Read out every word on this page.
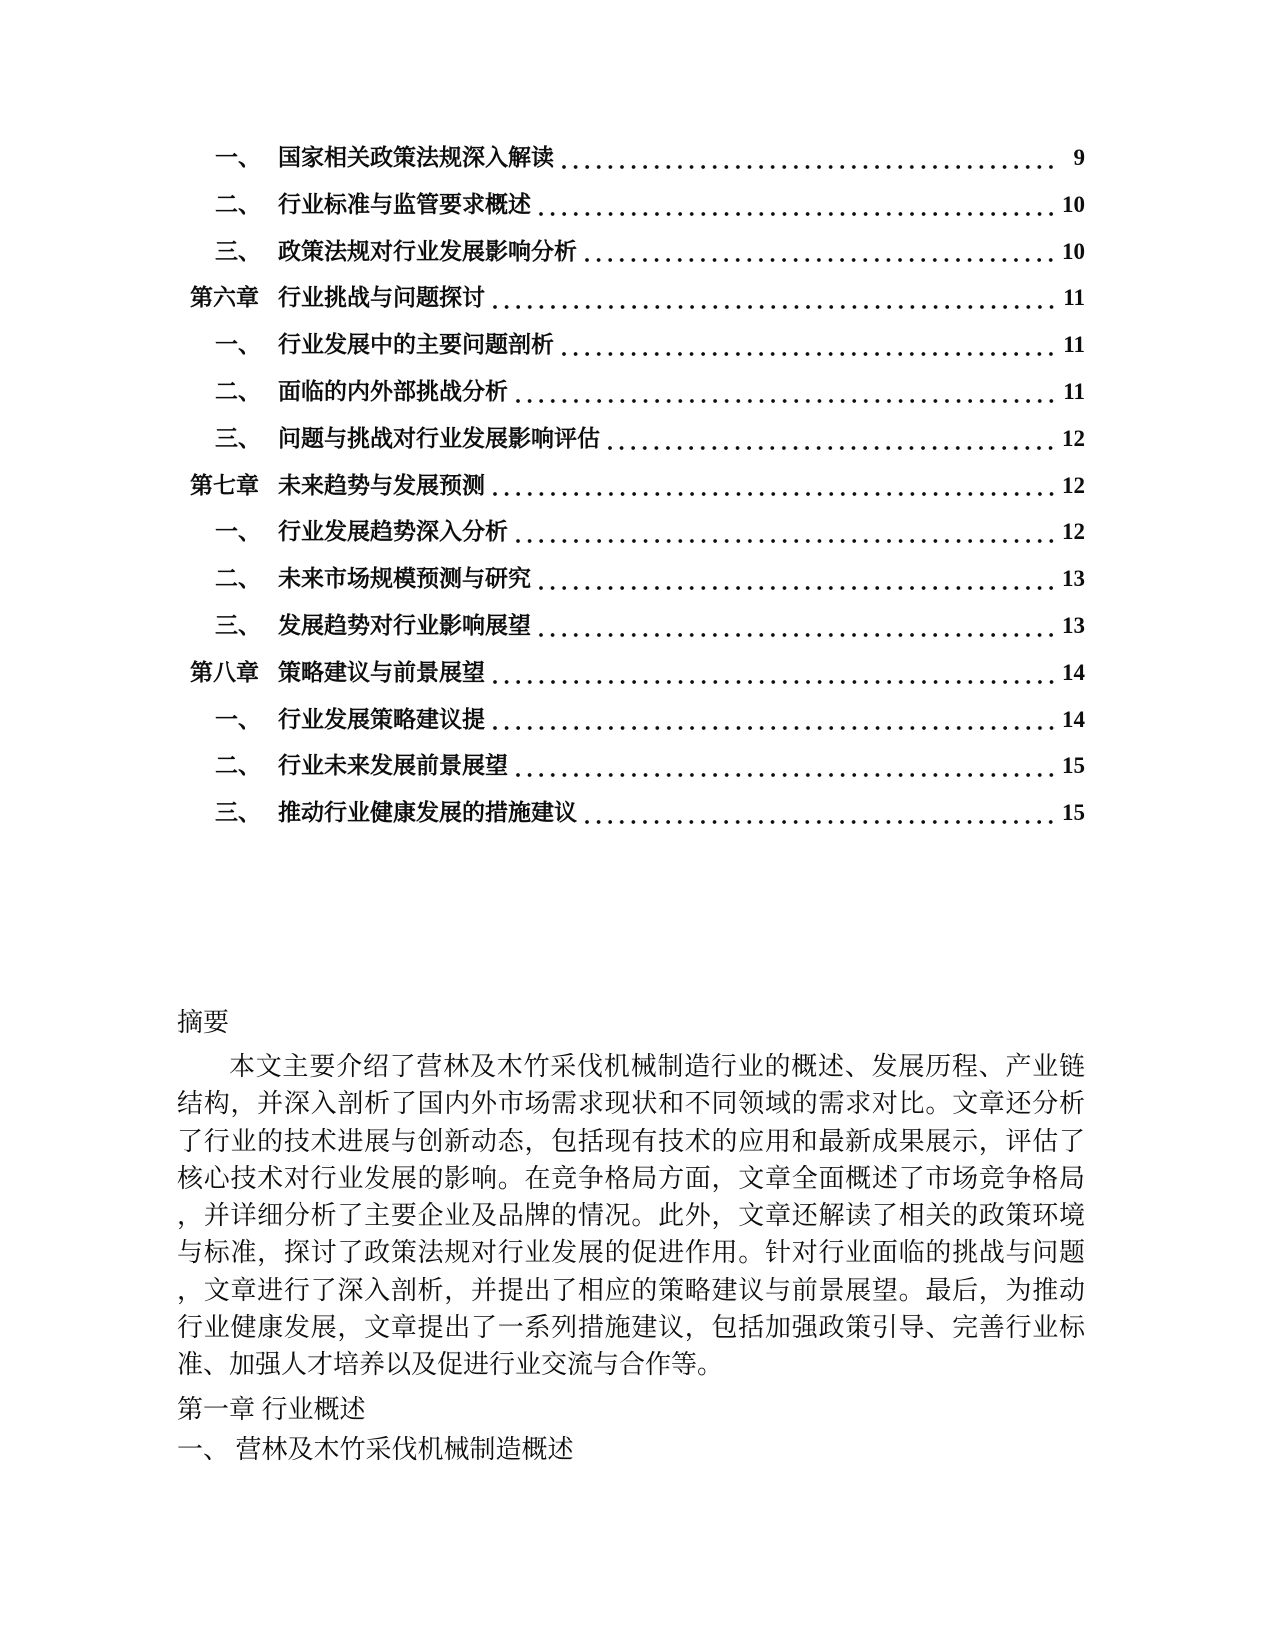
一、 国家相关政策法规深入解读	9
二、 行业标准与监管要求概述	10
三、 政策法规对行业发展影响分析	10
第六章 行业挑战与问题探讨	11
一、 行业发展中的主要问题剖析	11
二、 面临的内外部挑战分析	11
三、 问题与挑战对行业发展影响评估	12
第七章 未来趋势与发展预测	12
一、 行业发展趋势深入分析	12
二、 未来市场规模预测与研究	13
三、 发展趋势对行业影响展望	13
第八章 策略建议与前景展望	14
一、 行业发展策略建议提	14
二、 行业未来发展前景展望	15
三、 推动行业健康发展的措施建议	15
摘要
本文主要介绍了营林及木竹采伐机械制造行业的概述、发展历程、产业链结构，并深入剖析了国内外市场需求现状和不同领域的需求对比。文章还分析了行业的技术进展与创新动态，包括现有技术的应用和最新成果展示，评估了核心技术对行业发展的影响。在竞争格局方面，文章全面概述了市场竞争格局，并详细分析了主要企业及品牌的情况。此外，文章还解读了相关的政策环境与标准，探讨了政策法规对行业发展的促进作用。针对行业面临的挑战与问题，文章进行了深入剖析，并提出了相应的策略建议与前景展望。最后，为推动行业健康发展，文章提出了一系列措施建议，包括加强政策引导、完善行业标准、加强人才培养以及促进行业交流与合作等。
第一章 行业概述
一、 营林及木竹采伐机械制造概述
